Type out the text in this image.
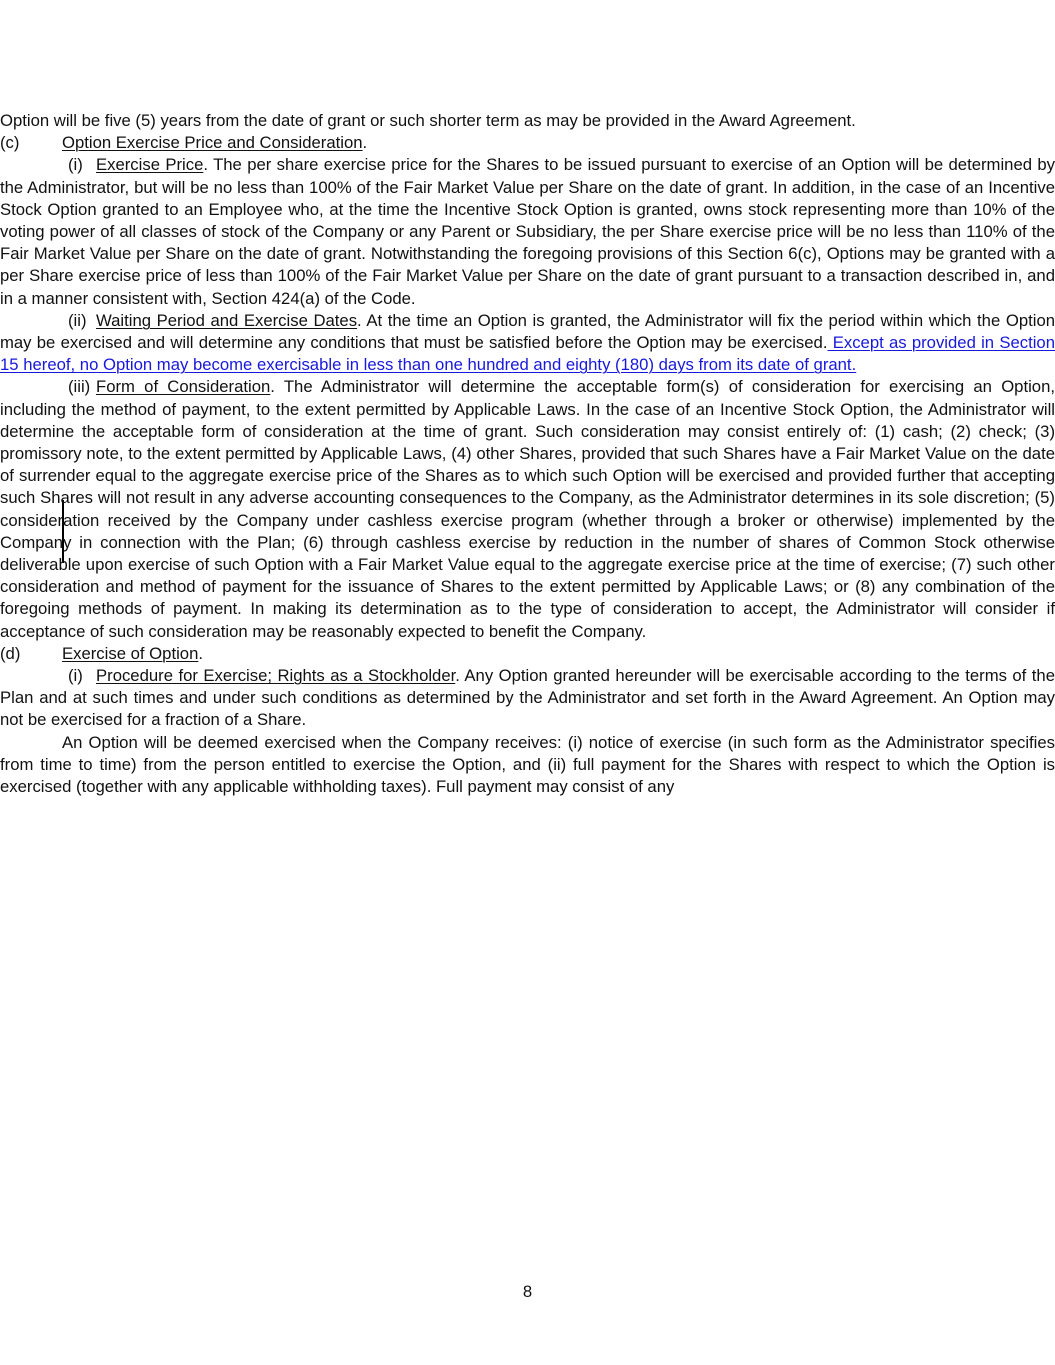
Option will be five (5) years from the date of grant or such shorter term as may be provided in the Award Agreement.

(c)	Option Exercise Price and Consideration.

(i) Exercise Price. The per share exercise price for the Shares to be issued pursuant to exercise of an Option will be determined by the Administrator, but will be no less than 100% of the Fair Market Value per Share on the date of grant. In addition, in the case of an Incentive Stock Option granted to an Employee who, at the time the Incentive Stock Option is granted, owns stock representing more than 10% of the voting power of all classes of stock of the Company or any Parent or Subsidiary, the per Share exercise price will be no less than 110% of the Fair Market Value per Share on the date of grant. Notwithstanding the foregoing provisions of this Section 6(c), Options may be granted with a per Share exercise price of less than 100% of the Fair Market Value per Share on the date of grant pursuant to a transaction described in, and in a manner consistent with, Section 424(a) of the Code.

(ii) Waiting Period and Exercise Dates. At the time an Option is granted, the Administrator will fix the period within which the Option may be exercised and will determine any conditions that must be satisfied before the Option may be exercised. Except as provided in Section 15 hereof, no Option may become exercisable in less than one hundred and eighty (180) days from its date of grant.

(iii) Form of Consideration. The Administrator will determine the acceptable form(s) of consideration for exercising an Option, including the method of payment, to the extent permitted by Applicable Laws. In the case of an Incentive Stock Option, the Administrator will determine the acceptable form of consideration at the time of grant. Such consideration may consist entirely of: (1) cash; (2) check; (3) promissory note, to the extent permitted by Applicable Laws, (4) other Shares, provided that such Shares have a Fair Market Value on the date of surrender equal to the aggregate exercise price of the Shares as to which such Option will be exercised and provided further that accepting such Shares will not result in any adverse accounting consequences to the Company, as the Administrator determines in its sole discretion; (5) consideration received by the Company under cashless exercise program (whether through a broker or otherwise) implemented by the Company in connection with the Plan; (6) through cashless exercise by reduction in the number of shares of Common Stock otherwise deliverable upon exercise of such Option with a Fair Market Value equal to the aggregate exercise price at the time of exercise; (7) such other consideration and method of payment for the issuance of Shares to the extent permitted by Applicable Laws; or (8) any combination of the foregoing methods of payment. In making its determination as to the type of consideration to accept, the Administrator will consider if acceptance of such consideration may be reasonably expected to benefit the Company.

(d) Exercise of Option.

(i) Procedure for Exercise; Rights as a Stockholder. Any Option granted hereunder will be exercisable according to the terms of the Plan and at such times and under such conditions as determined by the Administrator and set forth in the Award Agreement. An Option may not be exercised for a fraction of a Share.

An Option will be deemed exercised when the Company receives: (i) notice of exercise (in such form as the Administrator specifies from time to time) from the person entitled to exercise the Option, and (ii) full payment for the Shares with respect to which the Option is exercised (together with any applicable withholding taxes). Full payment may consist of any

8
